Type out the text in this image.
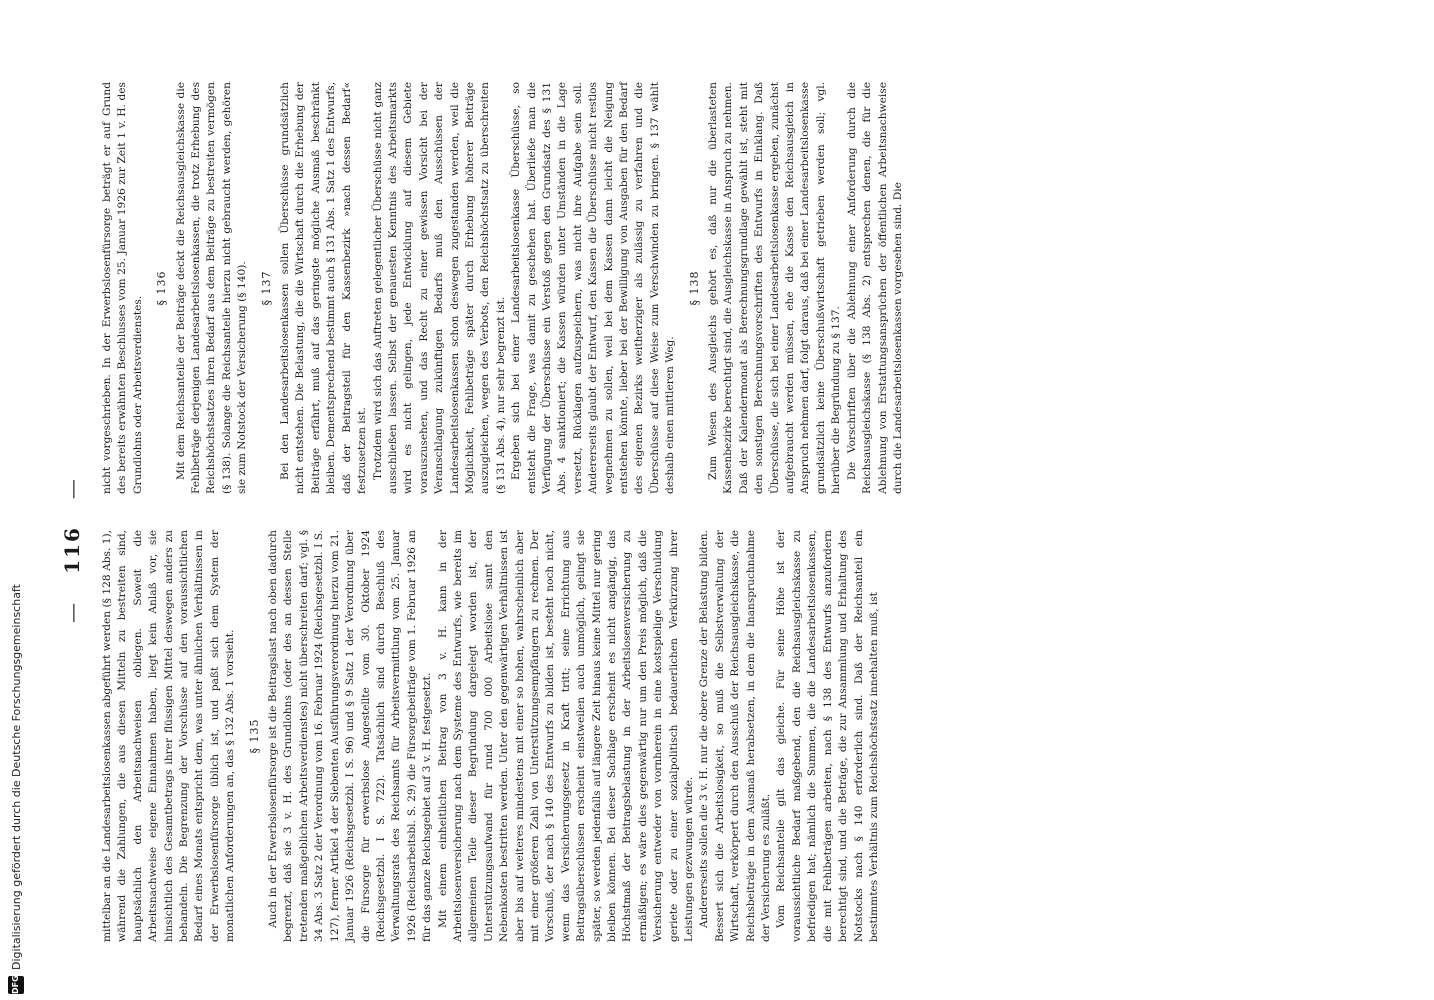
DFG
Digitalisierung gefördert durch die Deutsche Forschungsgemeinschaft — 116 —

mittelbar an die Landesarbeitslosenkassen abgeführt werden (§ 128 Abs. 1), während die Zahlungen, die aus diesen Mitteln zu bestreiten sind, hauptsächlich den Arbeitsnachweisen obliegen. Soweit die Arbeitsnachweise eigene Einnahmen haben, liegt kein Anlaß vor, sie hinsichtlich des Gesamtbetrags ihrer flüssigen Mittel deswegen anders zu behandeln. Die Begrenzung der Vorschüsse auf den voraussichtlichen Bedarf eines Monats entspricht dem, was unter ähnlichen Verhältnissen in der Erwerbslosenfürsorge üblich ist, und paßt sich dem System der monatlichen Anforderungen an, das § 132 Abs. 1 vorsieht. § 135 Auch in der Erwerbslosenfürsorge ist die Beitragslast nach oben dadurch begrenzt, daß sie 3 v. H. des Grundlohns (oder des an dessen Stelle tretenden maßgeblichen Arbeitsverdienstes) nicht überschreiten darf; vgl. § 34 Abs. 3 Satz 2 der Verordnung vom 16. Februar 1924 (Reichsgesetzbl. I S. 127), ferner Artikel 4 der Siebenten Ausführungsverordnung hierzu vom 21. Januar 1926 (Reichsgesetzbl. I S. 96) und § 9 Satz 1 der Verordnung über die Fürsorge für erwerbslose Angestellte vom 30. Oktober 1924 (Reichsgesetzbl. I S. 722). Tatsächlich sind durch Beschluß des Verwaltungsrats des Reichsamts für Arbeitsvermittlung vom 25. Januar 1926 (Reichsarbeitsbl. S. 29) die Fürsorgebeiträge vom 1. Februar 1926 an für das ganze Reichsgebiet auf 3 v. H. festgesetzt. Mit einem einheitlichen Beitrag von 3 v. H. kann in der Arbeitslosenversicherung nach dem Systeme des Entwurfs, wie bereits im allgemeinen Teile dieser Begründung dargelegt worden ist, der Unterstützungsaufwand für rund 700 000 Arbeitslose samt den Nebenkosten bestritten werden. Unter den gegenwärtigen Verhältnissen ist aber bis auf weiteres mindestens mit einer so hohen, wahrscheinlich aber mit einer größeren Zahl von Unterstützungsempfängern zu rechnen. Der Vorschuß, der nach § 140 des Entwurfs zu bilden ist, besteht noch nicht, wenn das Versicherungsgesetz in Kraft tritt; seine Errichtung aus Beitragsüberschüssen erscheint einstweilen auch unmöglich, gelingt sie später, so werden jedenfalls auf längere Zeit hinaus keine Mittel nur gering bleiben können. Bei dieser Sachlage erscheint es nicht angängig, das Höchstmaß der Beitragsbelastung in der Arbeitslosenversicherung zu ermäßigen; es wäre dies gegenwärtig nur um den Preis möglich, daß die Versicherung entweder von vornherein in eine kostspielige Verschuldung geriete oder zu einer sozialpolitisch bedauerlichen Verkürzung ihrer Leistungen gezwungen würde. Andererseits sollen die 3 v. H. nur die obere Grenze der Belastung bilden. Bessert sich die Arbeitslosigkeit, so muß die Selbstverwaltung der Wirtschaft, verkörpert durch den Ausschuß der Reichsausgleichskasse, die Reichsbeiträge in dem Ausmaß herabsetzen, in dem die Inanspruchnahme der Versicherung es zuläßt. Vom Reichsanteile gilt das gleiche. Für seine Höhe ist der voraussichtliche Bedarf maßgebend, den die Reichsausgleichskasse zu befriedigen hat; nämlich die Summen, die die Landesarbeitslosenkassen, die mit Fehlbeträgen arbeiten, nach § 138 des Entwurfs anzufordern berechtigt sind, und die Beträge, die zur Ansammlung und Erhaltung des Notstocks nach § 140 erforderlich sind. Daß der Reichsanteil ein bestimmtes Verhältnis zum Reichshöchstsatz innehalten muß, ist

nicht vorgeschrieben. In der Erwerbslosenfürsorge beträgt er auf Grund des bereits erwähnten Beschlusses vom 25. Januar 1926 zur Zeit 1 v. H. des Grundlohns oder Arbeitsverdienstes.

§ 136 Mit dem Reichsanteile der Beiträge deckt die Reichsausgleichskasse die Fehlbeträge derjenigen Landesarbeitslosenkassen, die trotz Erhebung des Reichshöchstsatzes ihren Bedarf aus dem Beiträge zu bestreiten vermögen (§ 138). Solange die Reichsanteile hierzu nicht gebraucht werden, gehören sie zum Notstock der Versicherung (§ 140). § 137 Bei den Landesarbeitslosenkassen sollen Überschüsse grundsätzlich nicht entstehen. Die Belastung, die die Wirtschaft durch die Erhebung der Beiträge erfährt, muß auf das geringste mögliche Ausmaß beschränkt bleiben. Dementsprechend bestimmt auch § 131 Abs. 1 Satz 1 des Entwurfs, daß der Beitragsteil für den Kassenbezirk »nach dessen Bedarf« festzusetzen ist. Trotzdem wird sich das Auftreten gelegentlicher Überschüsse nicht ganz ausschließen lassen. Selbst der genauesten Kenntnis des Arbeitsmarkts wird es nicht gelingen, jede Entwicklung auf diesem Gebiete vorauszusehen, und das Recht zu einer gewissen Vorsicht bei der Veranschlagung zukünftigen Bedarfs muß den Ausschüssen der Landesarbeitslosenkassen schon deswegen zugestanden werden, weil die Möglichkeit, Fehlbeträge später durch Erhebung höherer Beiträge auszugleichen, wegen des Verbots, den Reichshöchstsatz zu überschreiten (§ 131 Abs. 4), nur sehr begrenzt ist. Ergeben sich bei einer Landesarbeitslosenkasse Überschüsse, so entsteht die Frage, was damit zu geschehen hat. Überließe man die Verfügung der Überschüsse ein Verstoß gegen den Grundsatz des § 131 Abs. 4 sanktioniert; die Kassen würden unter Umständen in die Lage versetzt, Rücklagen aufzuspeichern, was nicht ihre Aufgabe sein soll. Andererseits glaubt der Entwurf, den Kassen die Überschüsse nicht restlos wegnehmen zu sollen, weil bei dem Kassen dann leicht die Neigung entstehen könnte, lieber bei der Bewilligung von Ausgaben für den Bedarf des eigenen Bezirks weitherziger als zulässig zu verfahren und die Überschüsse auf diese Weise zum Verschwinden zu bringen. § 137 wählt deshalb einen mittleren Weg.

§ 138 Zum Wesen des Ausgleichs gehört es, daß nur die überlasteten Kassenbezirke berechtigt sind, die Ausgleichskasse in Anspruch zu nehmen. Daß der Kalendermonat als Berechnungsgrundlage gewählt ist, steht mit den sonstigen Berechnungsvorschriften des Entwurfs in Einklang. Daß Überschüsse, die sich bei einer Landesarbeitslosenkasse ergeben, zunächst aufgebraucht werden müssen, ehe die Kasse den Reichsausgleich in Anspruch nehmen darf, folgt daraus, daß bei einer Landesarbeitslosenkasse grundsätzlich keine Überschußwirtschaft getrieben werden soll; vgl. hierüber die Begründung zu § 137. Die Vorschriften über die Ablehnung einer Anforderung durch die Reichsausgleichskasse (§ 138 Abs. 2) entsprechen denen, die für die Ablehnung von Erstattungsansprüchen der öffentlichen Arbeitsnachweise durch die Landesarbeitslosenkassen vorgesehen sind. Die
